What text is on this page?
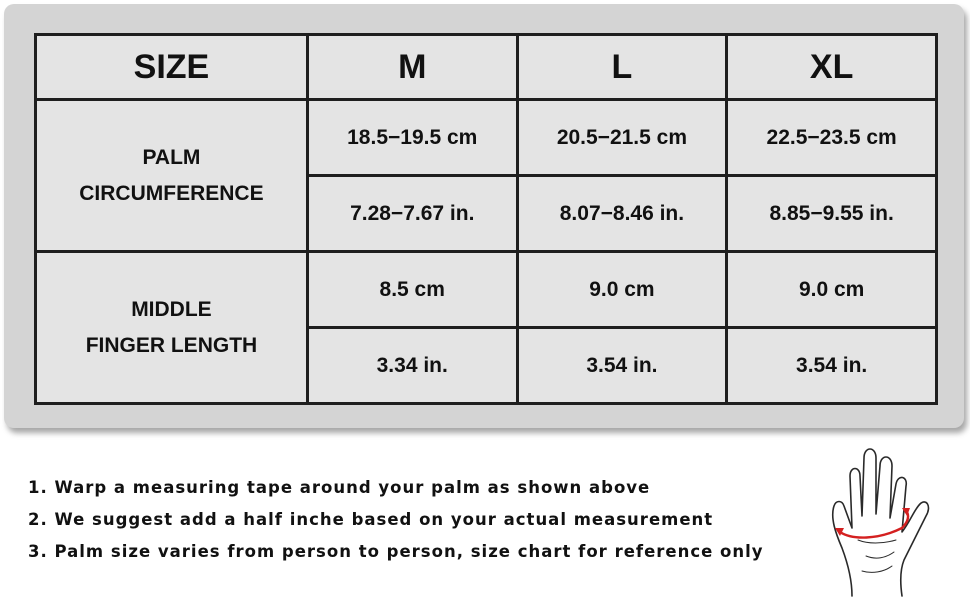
SIZE	M	L	XL

PALM
CIRCUMFERENCE	18.5−19.5 cm	20.5−21.5 cm	22.5−23.5 cm
	7.28−7.67 in.	8.07−8.46 in.	8.85−9.55 in.

MIDDLE
FINGER LENGTH	8.5 cm	9.0 cm	9.0 cm
	3.34 in.	3.54 in.	3.54 in.
1. Warp a measuring tape around your palm as shown above
2. We suggest add a half inche based on your actual measurement
3. Palm size varies from person to person, size chart for reference only
